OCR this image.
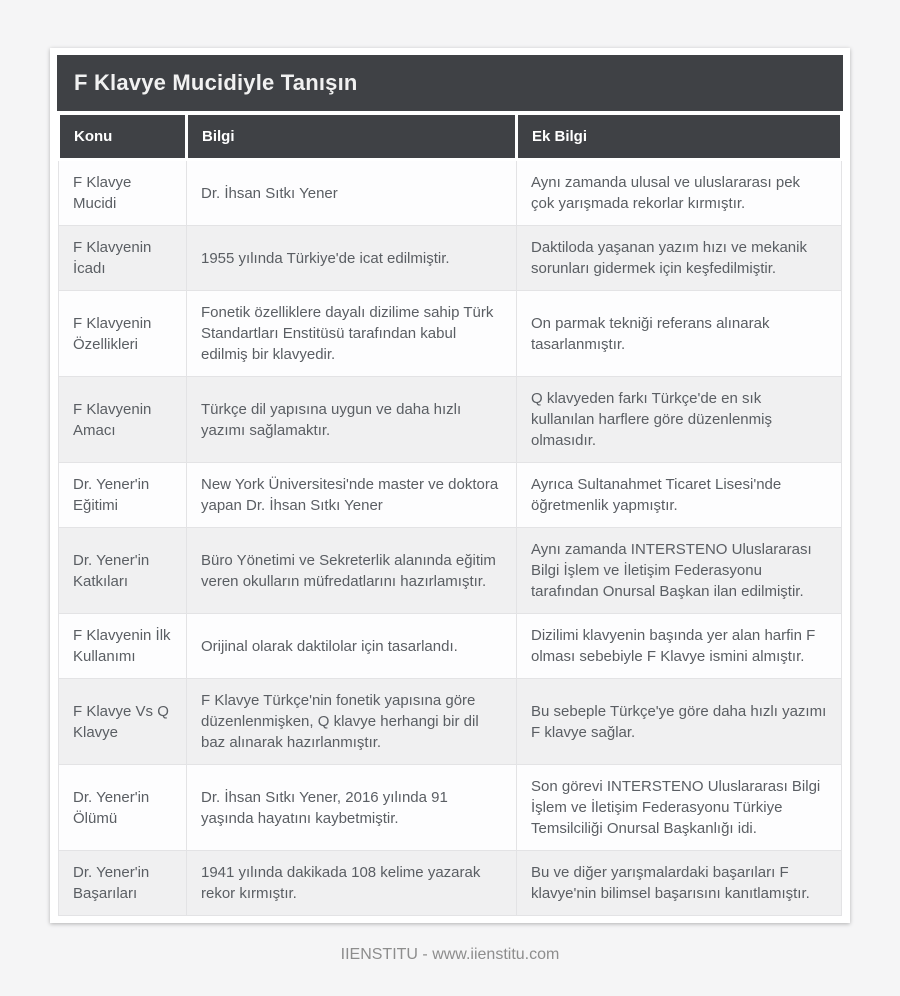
F Klavye Mucidiyle Tanışın
Konu	Bilgi	Ek Bilgi
F Klavye Mucidi	Dr. İhsan Sıtkı Yener	Aynı zamanda ulusal ve uluslararası pek çok yarışmada rekorlar kırmıştır.
F Klavyenin İcadı	1955 yılında Türkiye'de icat edilmiştir.	Daktiloda yaşanan yazım hızı ve mekanik sorunları gidermek için keşfedilmiştir.
F Klavyenin Özellikleri	Fonetik özelliklere dayalı dizilime sahip Türk Standartları Enstitüsü tarafından kabul edilmiş bir klavyedir.	On parmak tekniği referans alınarak tasarlanmıştır.
F Klavyenin Amacı	Türkçe dil yapısına uygun ve daha hızlı yazımı sağlamaktır.	Q klavyeden farkı Türkçe'de en sık kullanılan harflere göre düzenlenmiş olmasıdır.
Dr. Yener'in Eğitimi	New York Üniversitesi'nde master ve doktora yapan Dr. İhsan Sıtkı Yener	Ayrıca Sultanahmet Ticaret Lisesi'nde öğretmenlik yapmıştır.
Dr. Yener'in Katkıları	Büro Yönetimi ve Sekreterlik alanında eğitim veren okulların müfredatlarını hazırlamıştır.	Aynı zamanda INTERSTENO Uluslararası Bilgi İşlem ve İletişim Federasyonu tarafından Onursal Başkan ilan edilmiştir.
F Klavyenin İlk Kullanımı	Orijinal olarak daktilolar için tasarlandı.	Dizilimi klavyenin başında yer alan harfin F olması sebebiyle F Klavye ismini almıştır.
F Klavye Vs Q Klavye	F Klavye Türkçe'nin fonetik yapısına göre düzenlenmişken, Q klavye herhangi bir dil baz alınarak hazırlanmıştır.	Bu sebeple Türkçe'ye göre daha hızlı yazımı F klavye sağlar.
Dr. Yener'in Ölümü	Dr. İhsan Sıtkı Yener, 2016 yılında 91 yaşında hayatını kaybetmiştir.	Son görevi INTERSTENO Uluslararası Bilgi İşlem ve İletişim Federasyonu Türkiye Temsilciliği Onursal Başkanlığı idi.
Dr. Yener'in Başarıları	1941 yılında dakikada 108 kelime yazarak rekor kırmıştır.	Bu ve diğer yarışmalardaki başarıları F klavye'nin bilimsel başarısını kanıtlamıştır.
IIENSTITU - www.iienstitu.com
